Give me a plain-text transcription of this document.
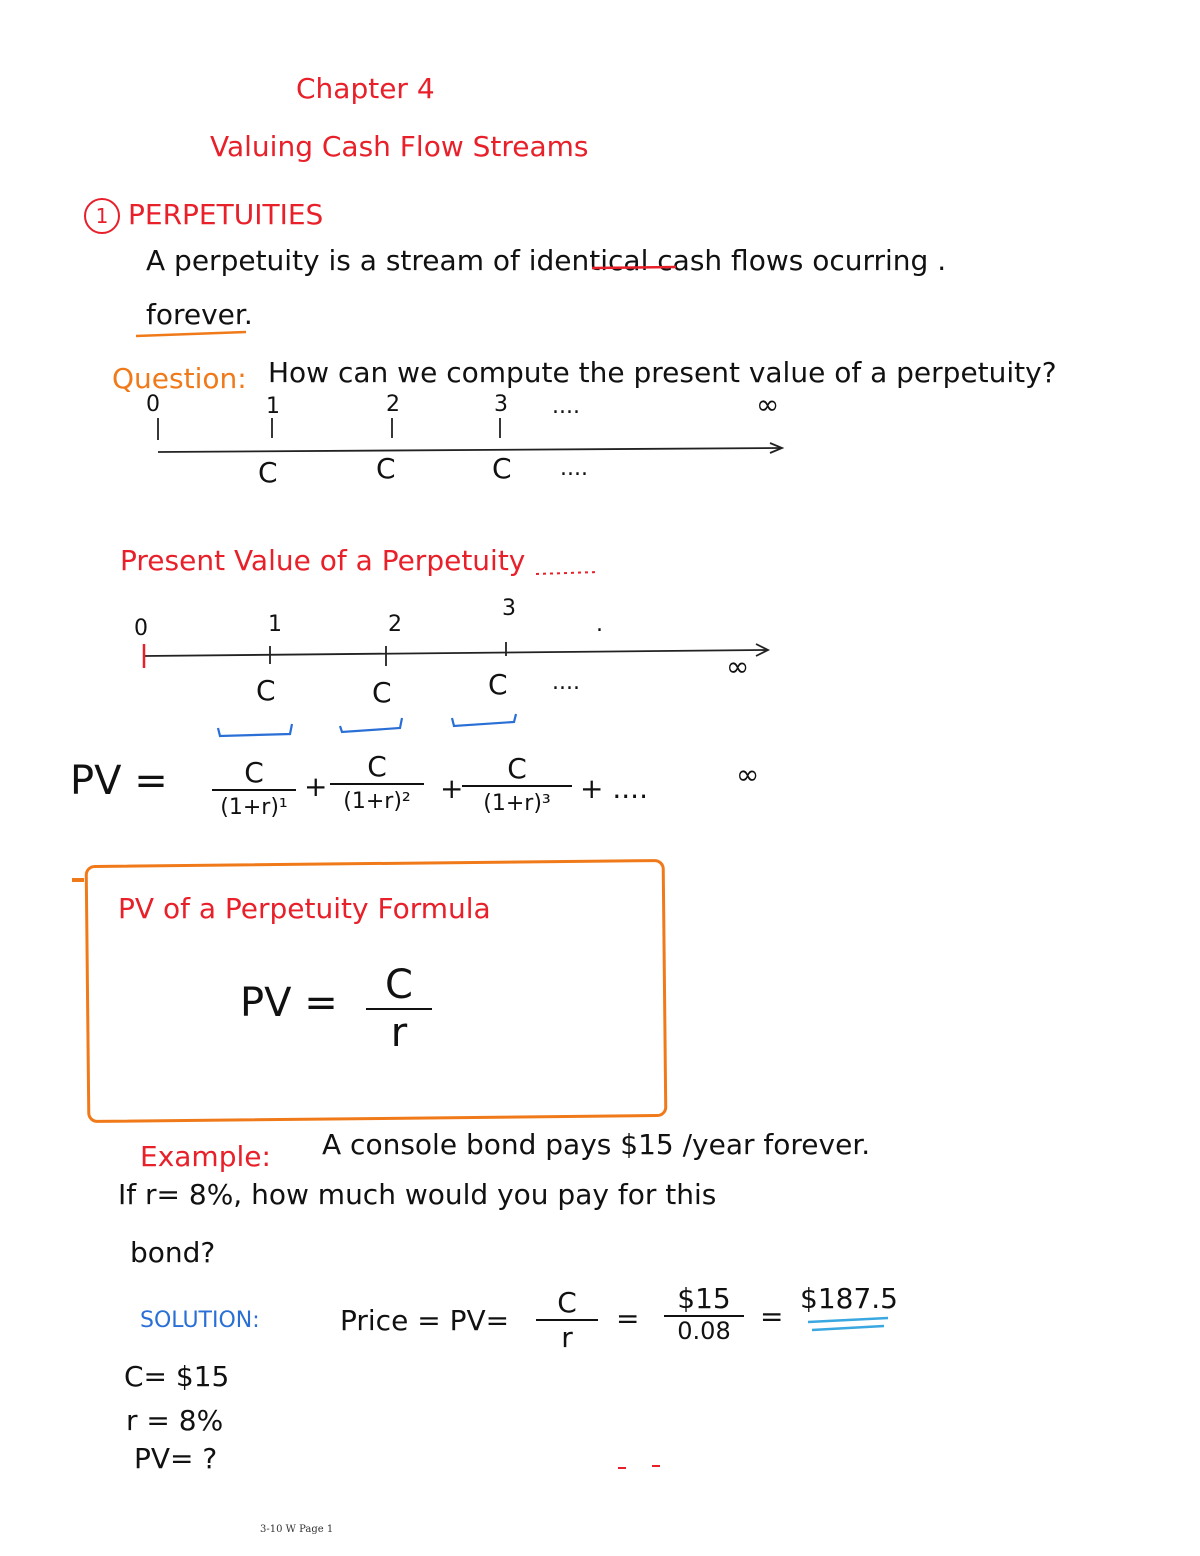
Chapter 4
Valuing Cash Flow Streams
1 PERPETUITIES
A perpetuity is a stream of identical cash flows ocurring .
forever.
Question: How can we compute the present value of a perpetuity?
0	1	2	3 ....	∞
C	C	C ....
Present Value of a Perpetuity
0	1	2
3
.
C	C	C ....	∞
PV =	C
(1+r)¹
+
C
(1+r)²	+
C
(1+r)³	+ ....	∞
PV of a Perpetuity Formula
PV = $\frac{C}{r}$
Example: A console bond pays $15 /year forever.
If r= 8%, how much would you pay for this
bond?
SOLUTION:
C= $15
r = 8%
PV= ?
Price = $PV= \frac{C}{r} = \frac{\$15}{0.08}$ =
$187.5
3-10 W Page 1
